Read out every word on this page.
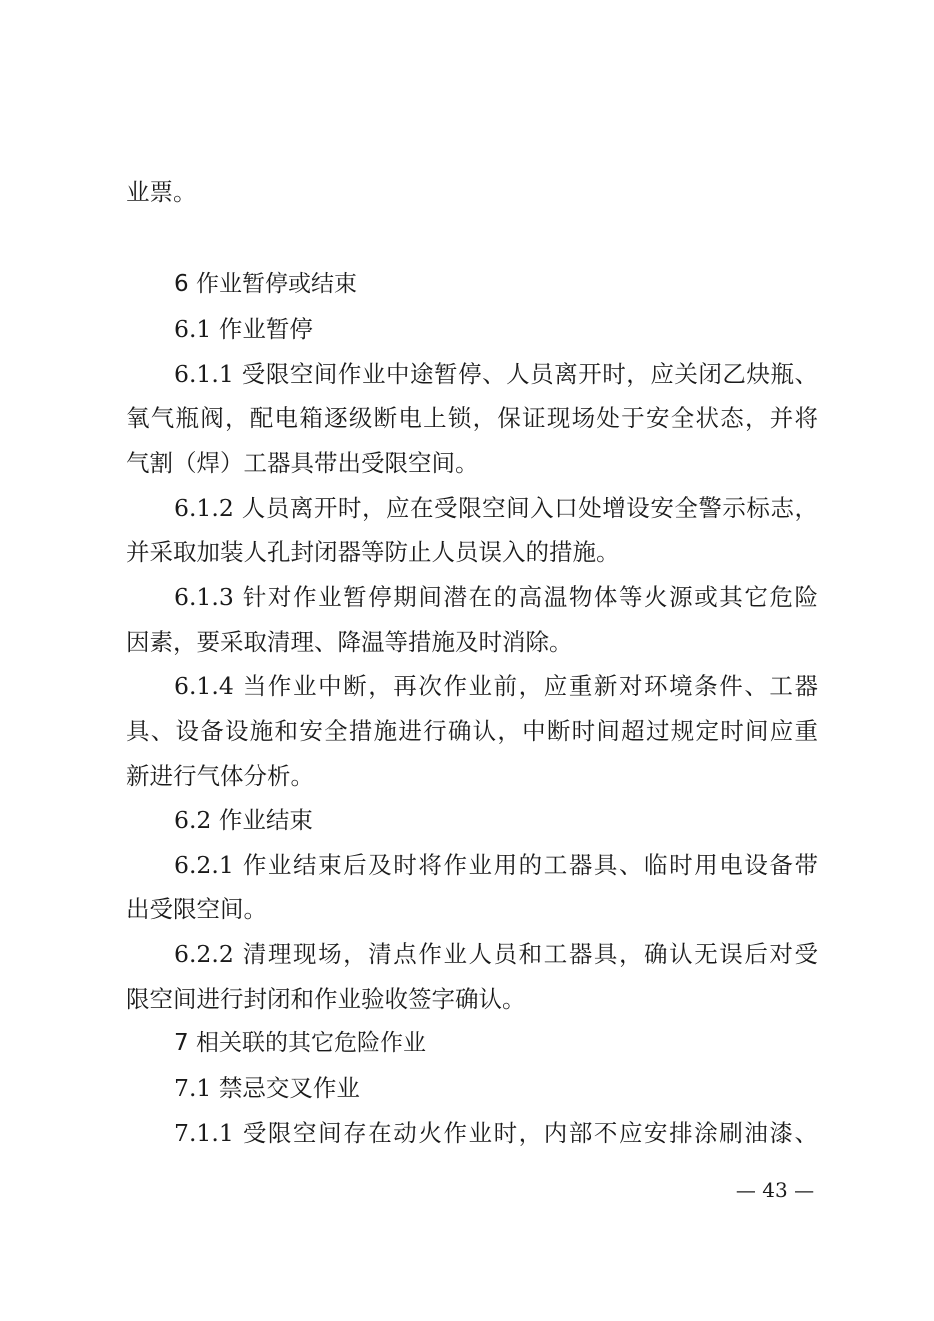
业票。
6 作业暂停或结束
6.1 作业暂停
6.1.1 受限空间作业中途暂停、人员离开时，应关闭乙炔瓶、
氧气瓶阀，配电箱逐级断电上锁，保证现场处于安全状态，并将
气割（焊）工器具带出受限空间。
6.1.2 人员离开时，应在受限空间入口处增设安全警示标志，
并采取加装人孔封闭器等防止人员误入的措施。
6.1.3 针对作业暂停期间潜在的高温物体等火源或其它危险
因素，要采取清理、降温等措施及时消除。
6.1.4 当作业中断，再次作业前，应重新对环境条件、工器
具、设备设施和安全措施进行确认，中断时间超过规定时间应重
新进行气体分析。
6.2 作业结束
6.2.1 作业结束后及时将作业用的工器具、临时用电设备带
出受限空间。
6.2.2 清理现场，清点作业人员和工器具，确认无误后对受
限空间进行封闭和作业验收签字确认。
7 相关联的其它危险作业
7.1 禁忌交叉作业
7.1.1 受限空间存在动火作业时，内部不应安排涂刷油漆、
— 43 —
